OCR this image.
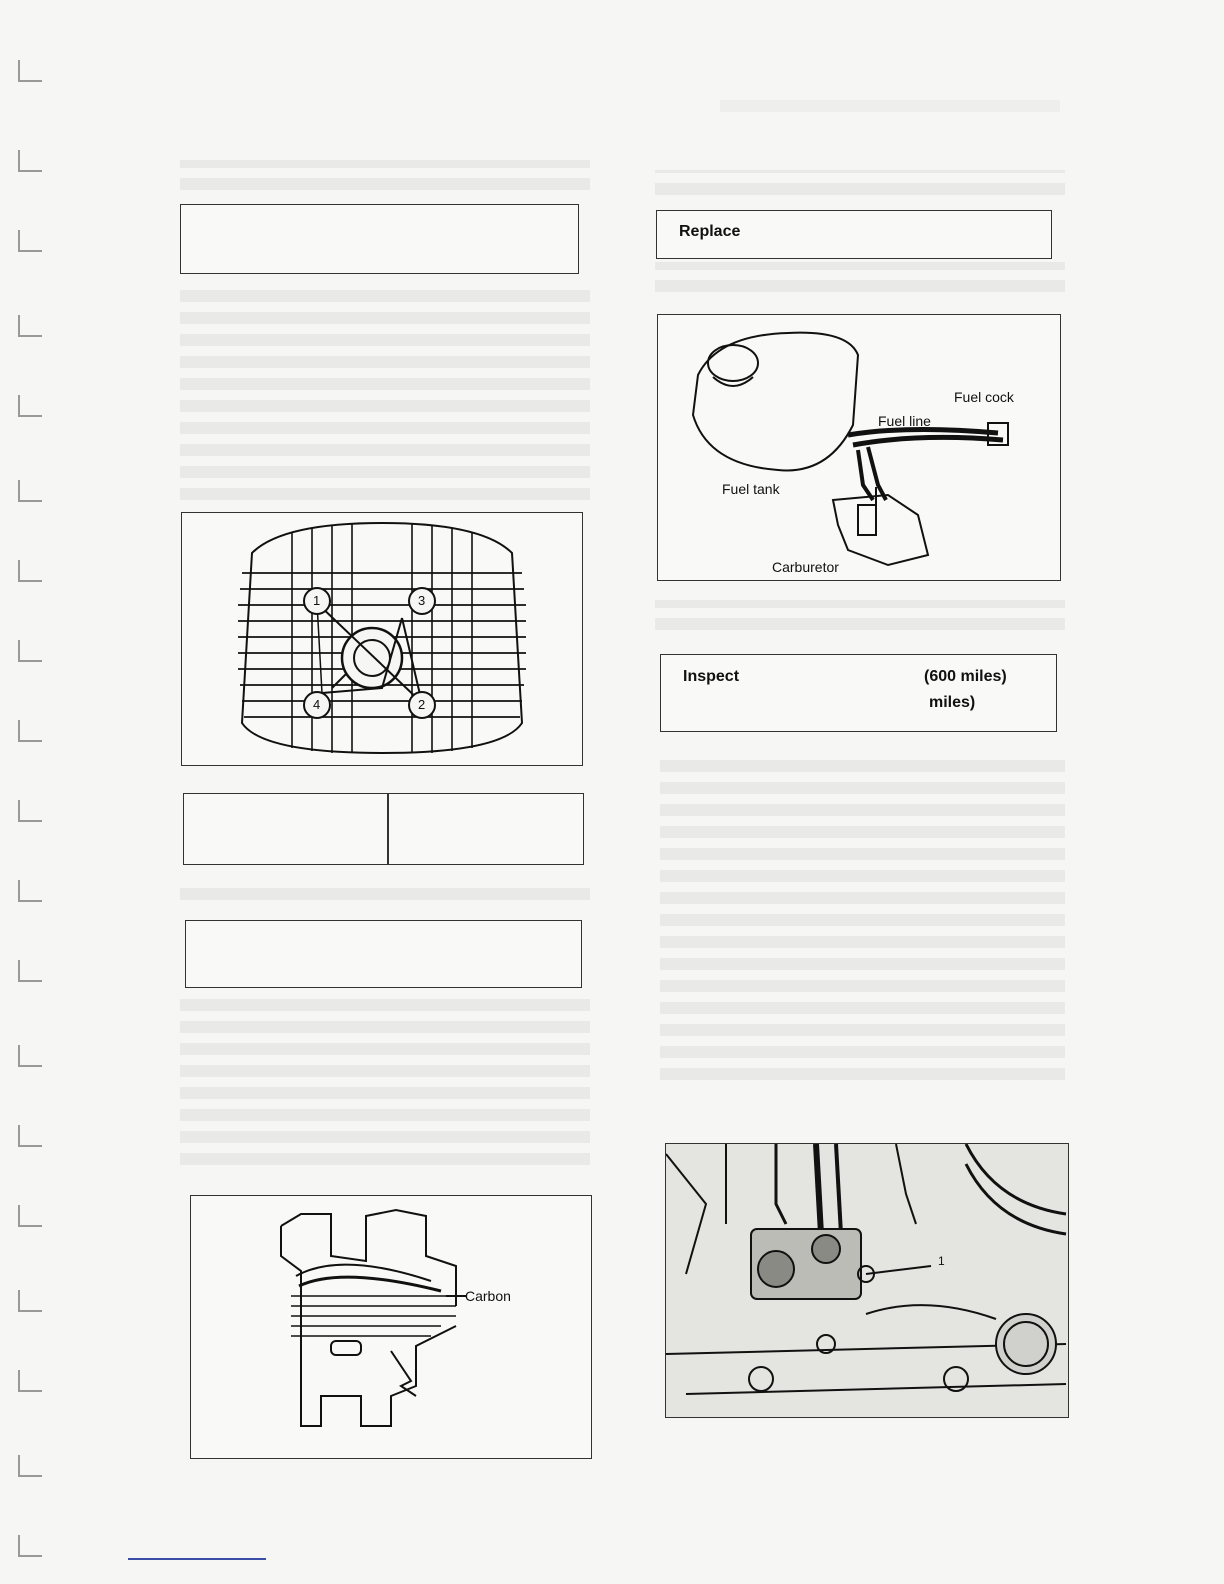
1	3
4	2
Carbon
Replace
Fuel cock
Fuel line
Fuel tank
Carburetor
Inspect	(600 miles)
miles)
1
